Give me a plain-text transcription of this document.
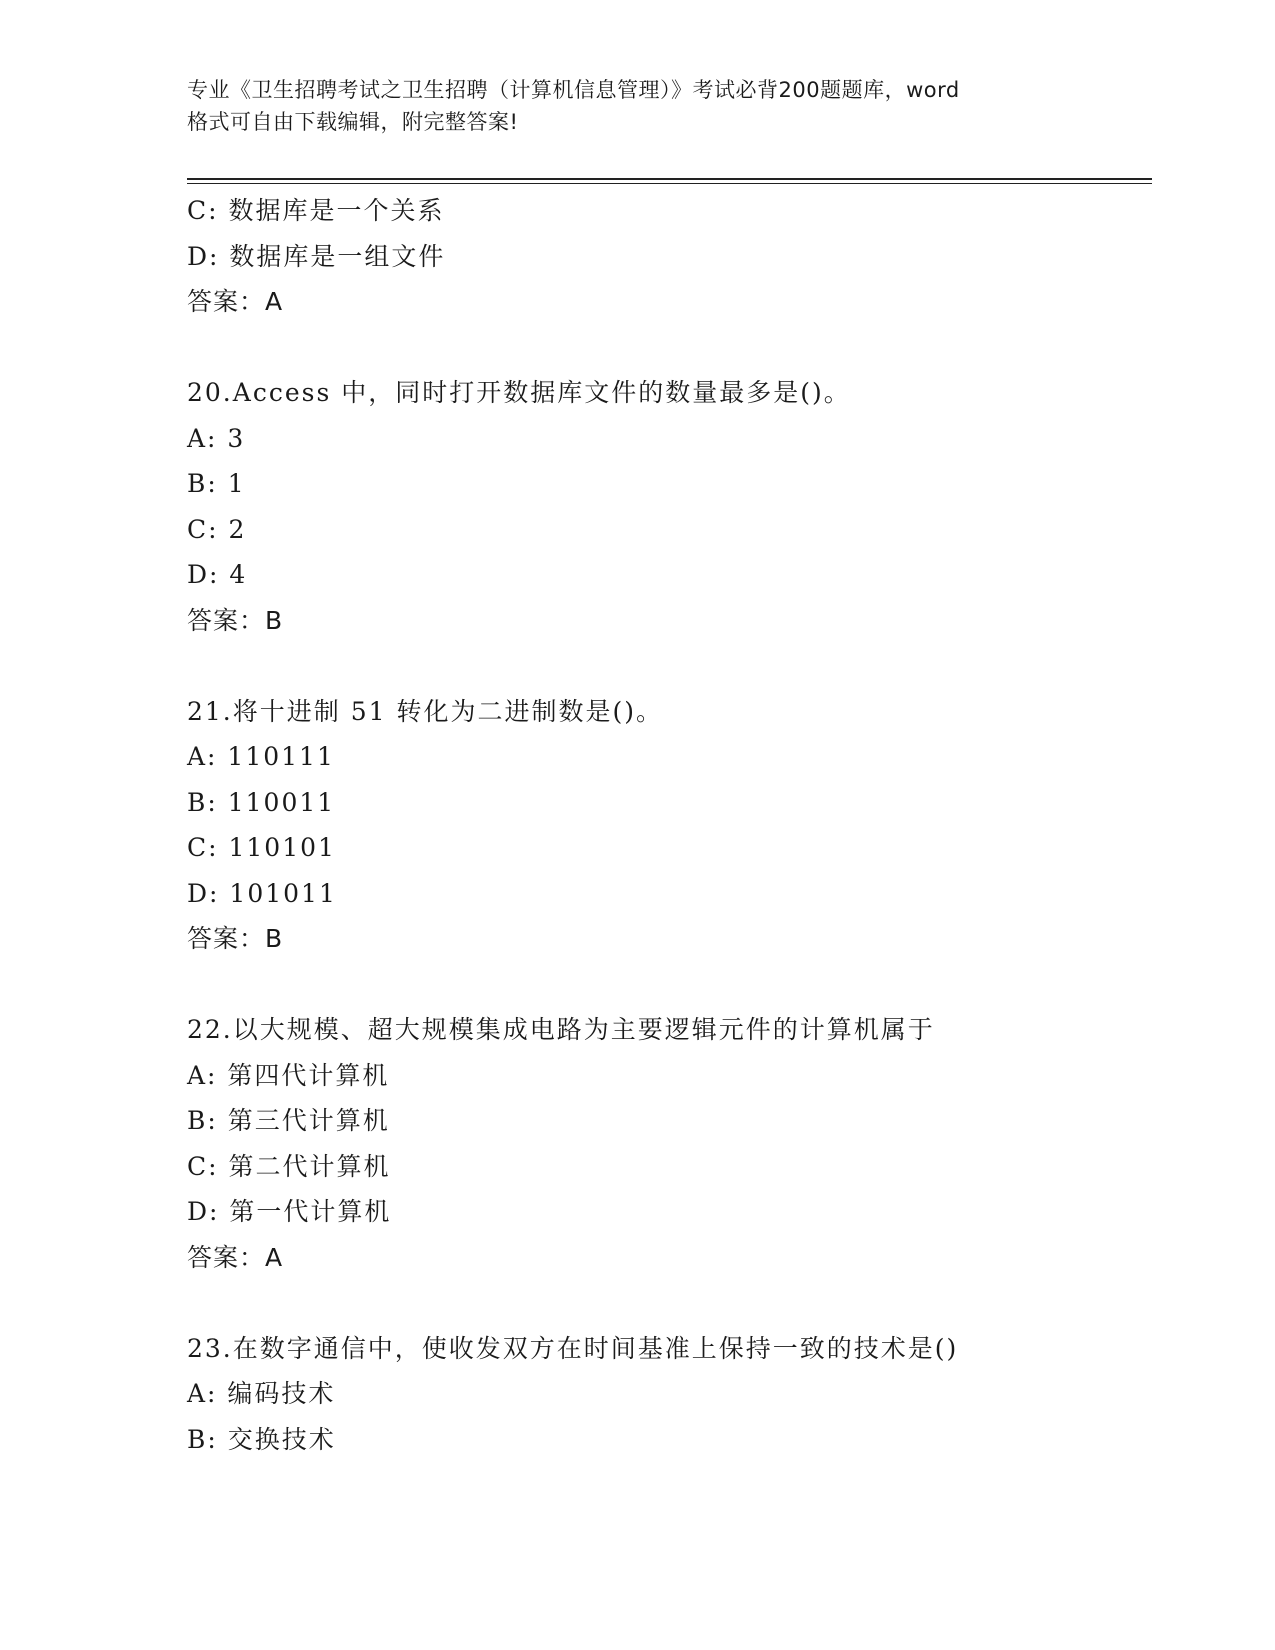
专业《卫生招聘考试之卫生招聘（计算机信息管理）》考试必背200题题库，word
格式可自由下载编辑，附完整答案!
C: 数据库是一个关系
D: 数据库是一组文件
答案：A
20.Access 中，同时打开数据库文件的数量最多是()。
A: 3
B: 1
C: 2
D: 4
答案：B
21.将十进制 51 转化为二进制数是()。
A: 110111
B: 110011
C: 110101
D: 101011
答案：B
22.以大规模、超大规模集成电路为主要逻辑元件的计算机属于
A: 第四代计算机
B: 第三代计算机
C: 第二代计算机
D: 第一代计算机
答案：A
23.在数字通信中，使收发双方在时间基准上保持一致的技术是()
A: 编码技术
B: 交换技术
